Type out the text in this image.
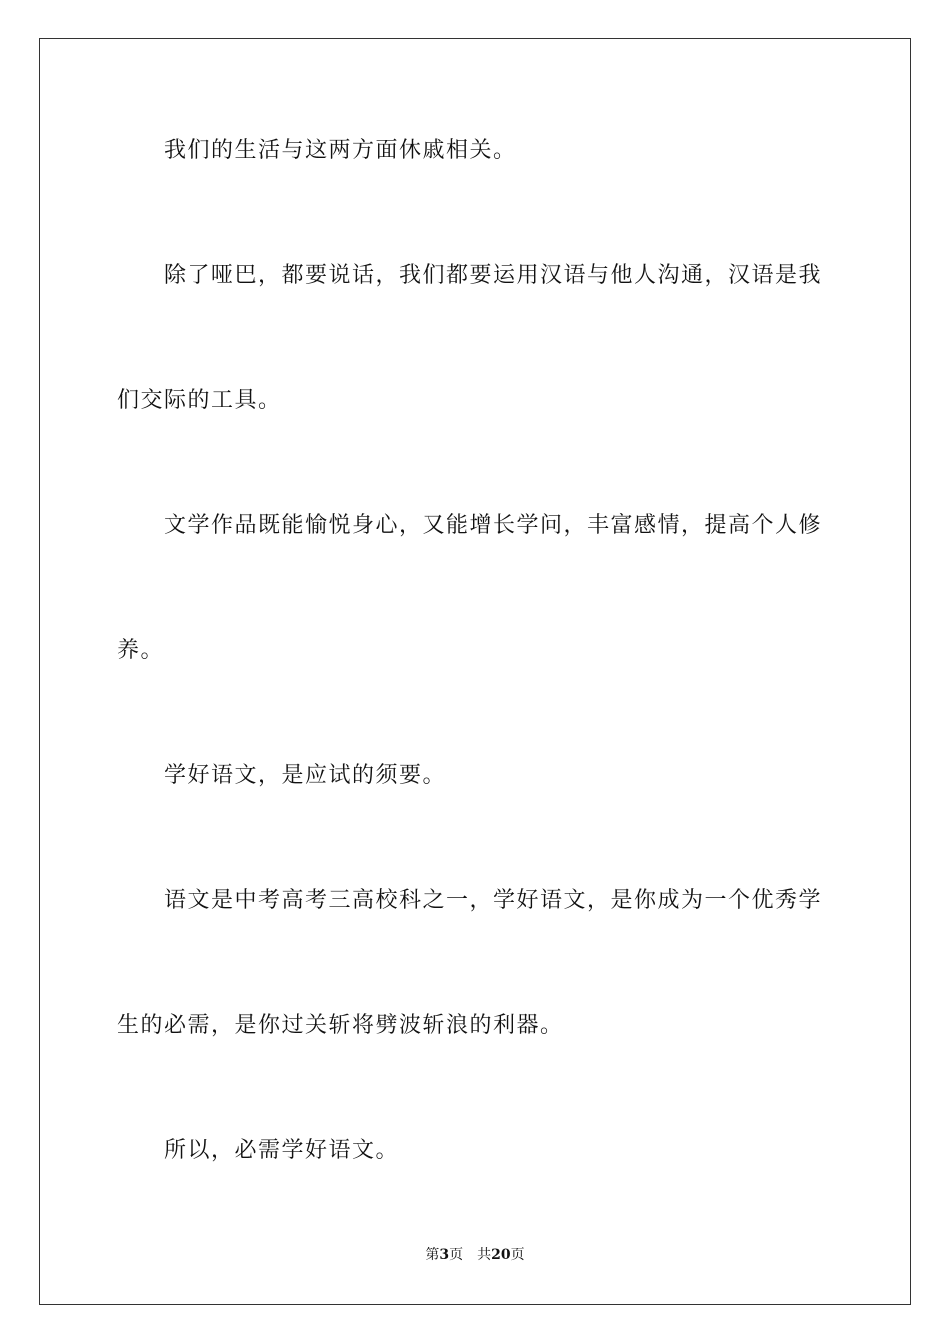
我们的生活与这两方面休戚相关。
除了哑巴，都要说话，我们都要运用汉语与他人沟通，汉语是我
们交际的工具。
文学作品既能愉悦身心，又能增长学问，丰富感情，提高个人修
养。
学好语文，是应试的须要。
语文是中考高考三高校科之一，学好语文，是你成为一个优秀学
生的必需，是你过关斩将劈波斩浪的利器。
所以，必需学好语文。
第3页　共20页
